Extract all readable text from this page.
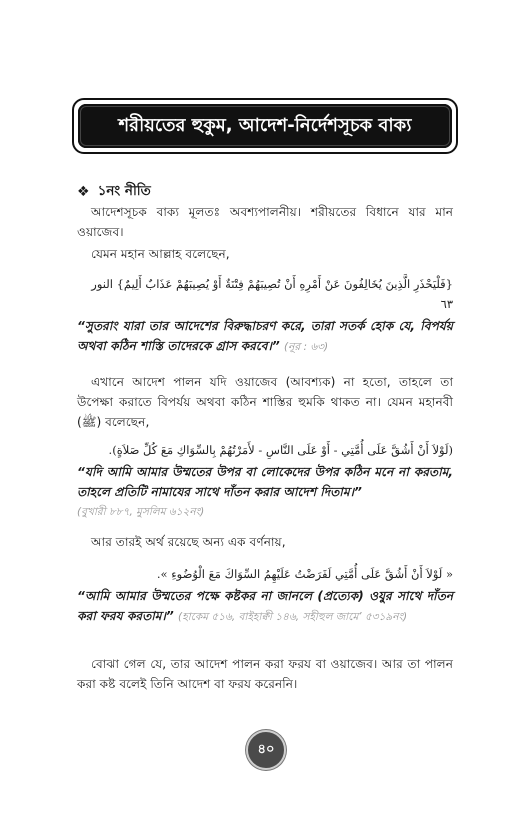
শরীয়তের হুকুম, আদেশ-নির্দেশসূচক বাক্য
❖ ১নং নীতি
আদেশসূচক বাক্য মূলতঃ অবশ্যপালনীয়। শরীয়তের বিধানে যার মান ওয়াজেব।
যেমন মহান আল্লাহ বলেছেন,
{فَلْيَحْذَرِ الَّذِينَ يُخَالِفُونَ عَنْ أَمْرِهِ أَنْ تُصِيبَهُمْ فِتْنَةٌ أَوْ يُصِيبَهُمْ عَذَابٌ أَلِيمٌ} النور
٦٣
“সুতরাং যারা তার আদেশের বিরুদ্ধাচরণ করে, তারা সতর্ক হোক যে, বিপর্যয় অথবা কঠিন শাস্তি তাদেরকে গ্রাস করবে।” (নূর : ৬৩)
এখানে আদেশ পালন যদি ওয়াজেব (আবশ্যক) না হতো, তাহলে তা উপেক্ষা করাতে বিপর্যয় অথবা কঠিন শাস্তির হুমকি থাকত না। যেমন মহানবী (ﷺ) বলেছেন,
(لَوْلاَ أَنْ أَشُقَّ عَلَى أُمَّتِي - أَوْ عَلَى النَّاسِ - لأَمَرْتُهُمْ بِالسِّوَاكِ مَعَ كُلِّ صَلاَةٍ).
“যদি আমি আমার উম্মতের উপর বা লোকেদের উপর কঠিন মনে না করতাম, তাহলে প্রতিটি নামাযের সাথে দাঁতন করার আদেশ দিতাম।”
(বুখারী ৮৮৭, মুসলিম ৬১২নং)
আর তারই অর্থ রয়েছে অন্য এক বর্ণনায়,
« لَوْلاَ أَنْ أَشُقَّ عَلَى أُمَّتِي لَفَرَضْتُ عَلَيْهِمُ السِّوَاكَ مَعَ الْوُضُوءِ ».
“আমি আমার উম্মতের পক্ষে কষ্টকর না জানলে (প্রত্যেক) ওযুর সাথে দাঁতন করা ফরয করতাম।” (হাকেম ৫১৬, বাইহাক্বী ১৪৬, সহীহুল জামে’ ৫৩১৯নং)
বোঝা গেল যে, তার আদেশ পালন করা ফরয বা ওয়াজেব। আর তা পালন করা কষ্ট বলেই তিনি আদেশ বা ফরয করেননি।
৪০
